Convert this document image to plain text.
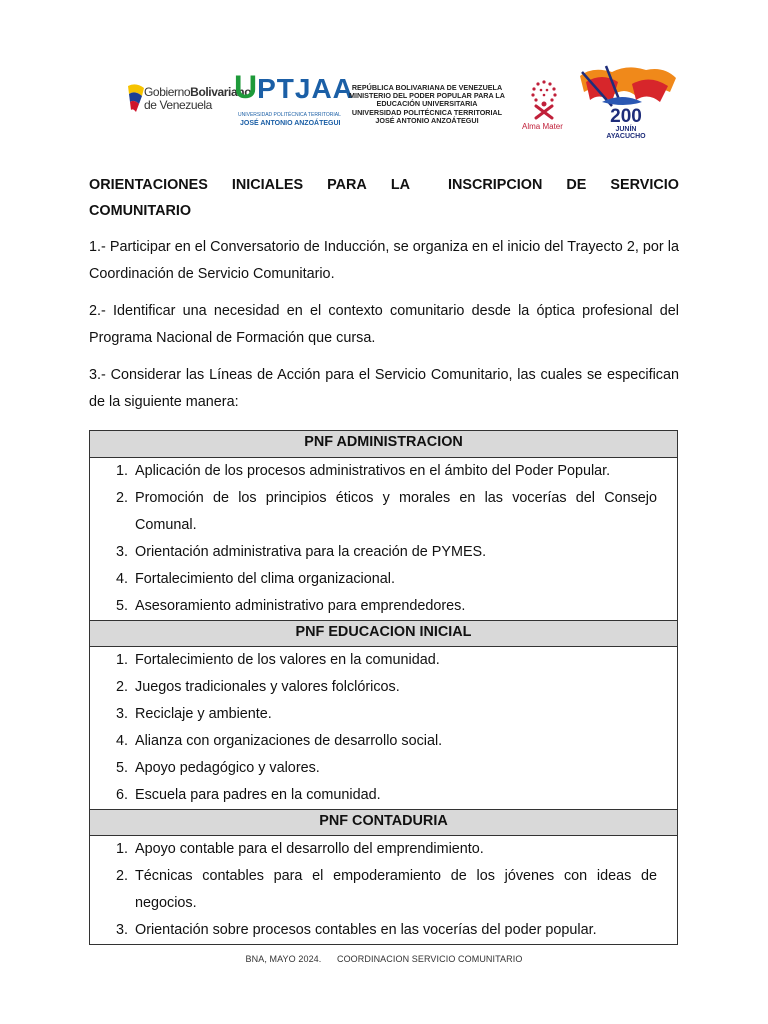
GobiernoBolivariano
de Venezuela UPTJAA
UNIVERSIDAD POLITÉCNICA TERRITORIAL
JOSÉ ANTONIO ANZOÁTEGUI
REPÚBLICA BOLIVARIANA DE VENEZUELA
MINISTERIO DEL PODER POPULAR PARA LA
EDUCACIÓN UNIVERSITARIA
UNIVERSIDAD POLITÉCNICA TERRITORIAL
JOSÉ ANTONIO ANZOÁTEGUI
Alma Mater 200
JUNÍN
AYACUCHO
ORIENTACIONES INICIALES PARA LA	INSCRIPCION DE SERVICIO
COMUNITARIO
1.- Participar en el Conversatorio de Inducción, se organiza en el inicio del Trayecto 2, por la Coordinación de Servicio Comunitario.
2.- Identificar una necesidad en el contexto comunitario desde la óptica profesional del Programa Nacional de Formación que cursa.
3.- Considerar las Líneas de Acción para el Servicio Comunitario, las cuales se especifican de la siguiente manera:
PNF ADMINISTRACION
1. Aplicación de los procesos administrativos en el ámbito del Poder Popular.
2. Promoción de los principios éticos y morales en las vocerías del Consejo Comunal.
3. Orientación administrativa para la creación de PYMES.
4. Fortalecimiento del clima organizacional.
5. Asesoramiento administrativo para emprendedores.
PNF EDUCACION INICIAL
1. Fortalecimiento de los valores en la comunidad.
2. Juegos tradicionales y valores folclóricos.
3. Reciclaje y ambiente.
4. Alianza con organizaciones de desarrollo social.
5. Apoyo pedagógico y valores.
6. Escuela para padres en la comunidad.
PNF CONTADURIA
1. Apoyo contable para el desarrollo del emprendimiento.
2. Técnicas contables para el empoderamiento de los jóvenes con ideas de negocios.
3. Orientación sobre procesos contables en las vocerías del poder popular.
BNA, MAYO 2024.      COORDINACION SERVICIO COMUNITARIO
